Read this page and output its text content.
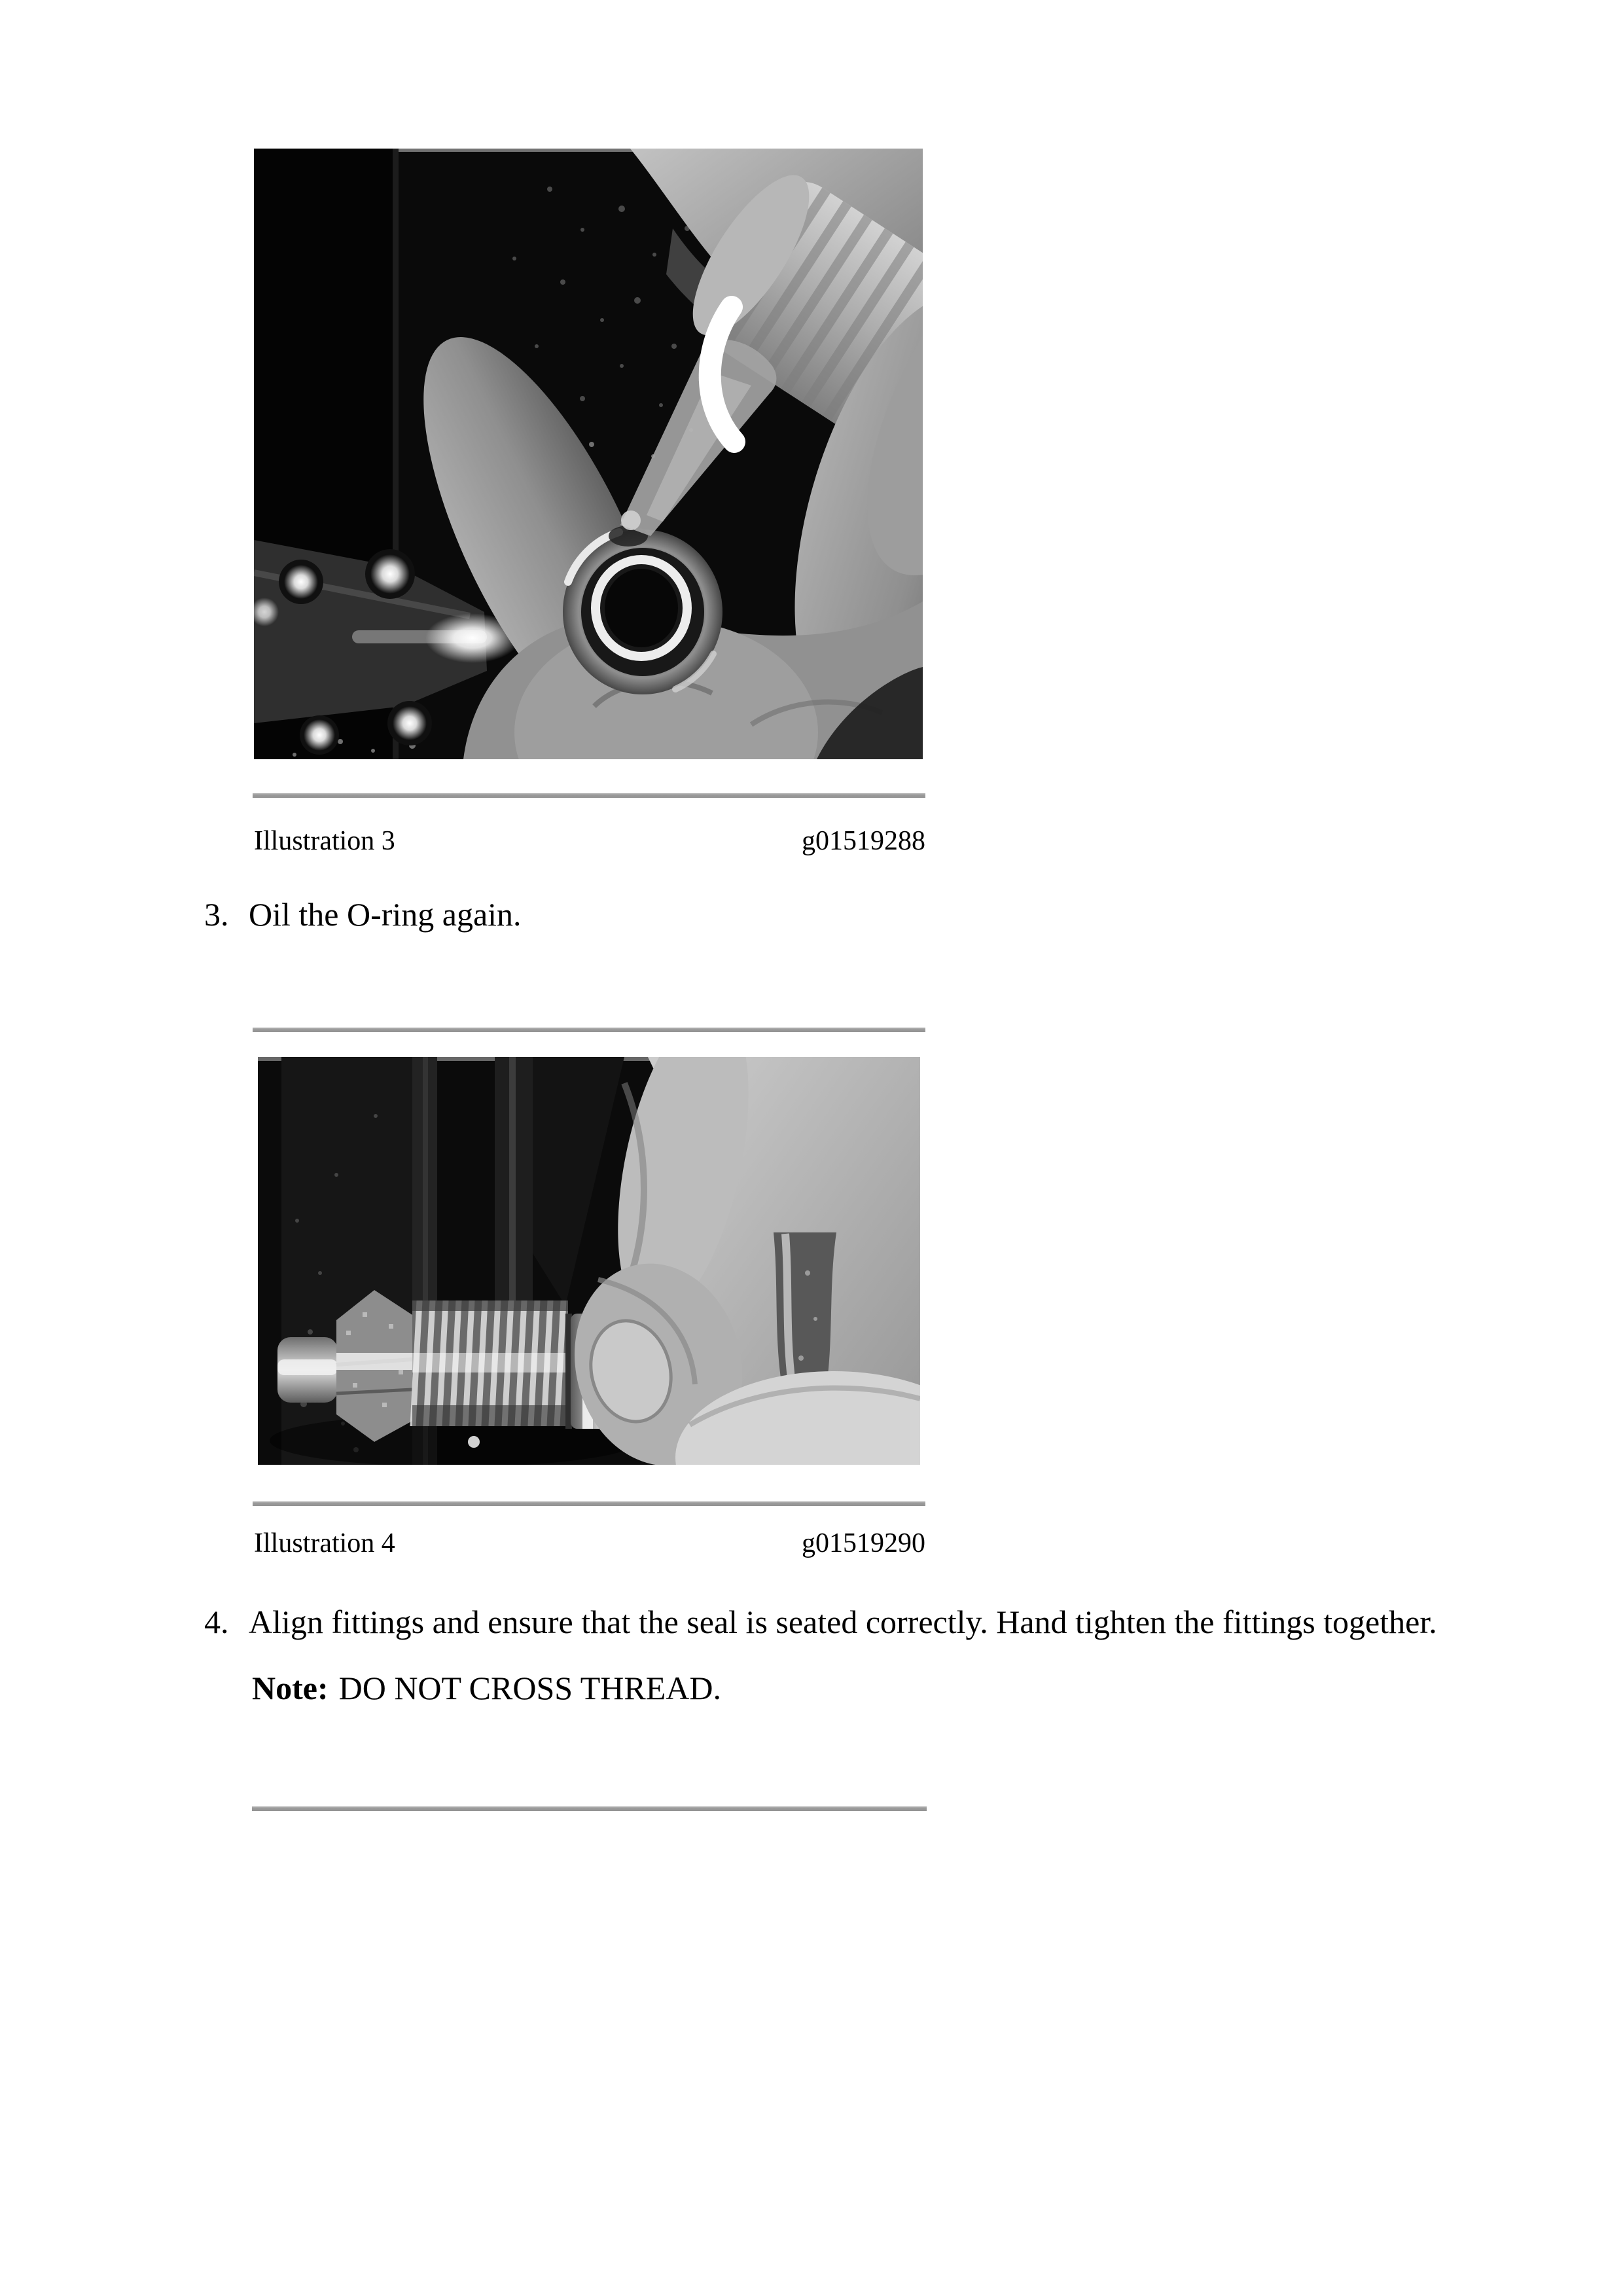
Illustration 3	g01519288
3. Oil the O-ring again.
Illustration 4	g01519290
4. Align fittings and ensure that the seal is seated correctly. Hand tighten the fittings together.
Note: DO NOT CROSS THREAD.
